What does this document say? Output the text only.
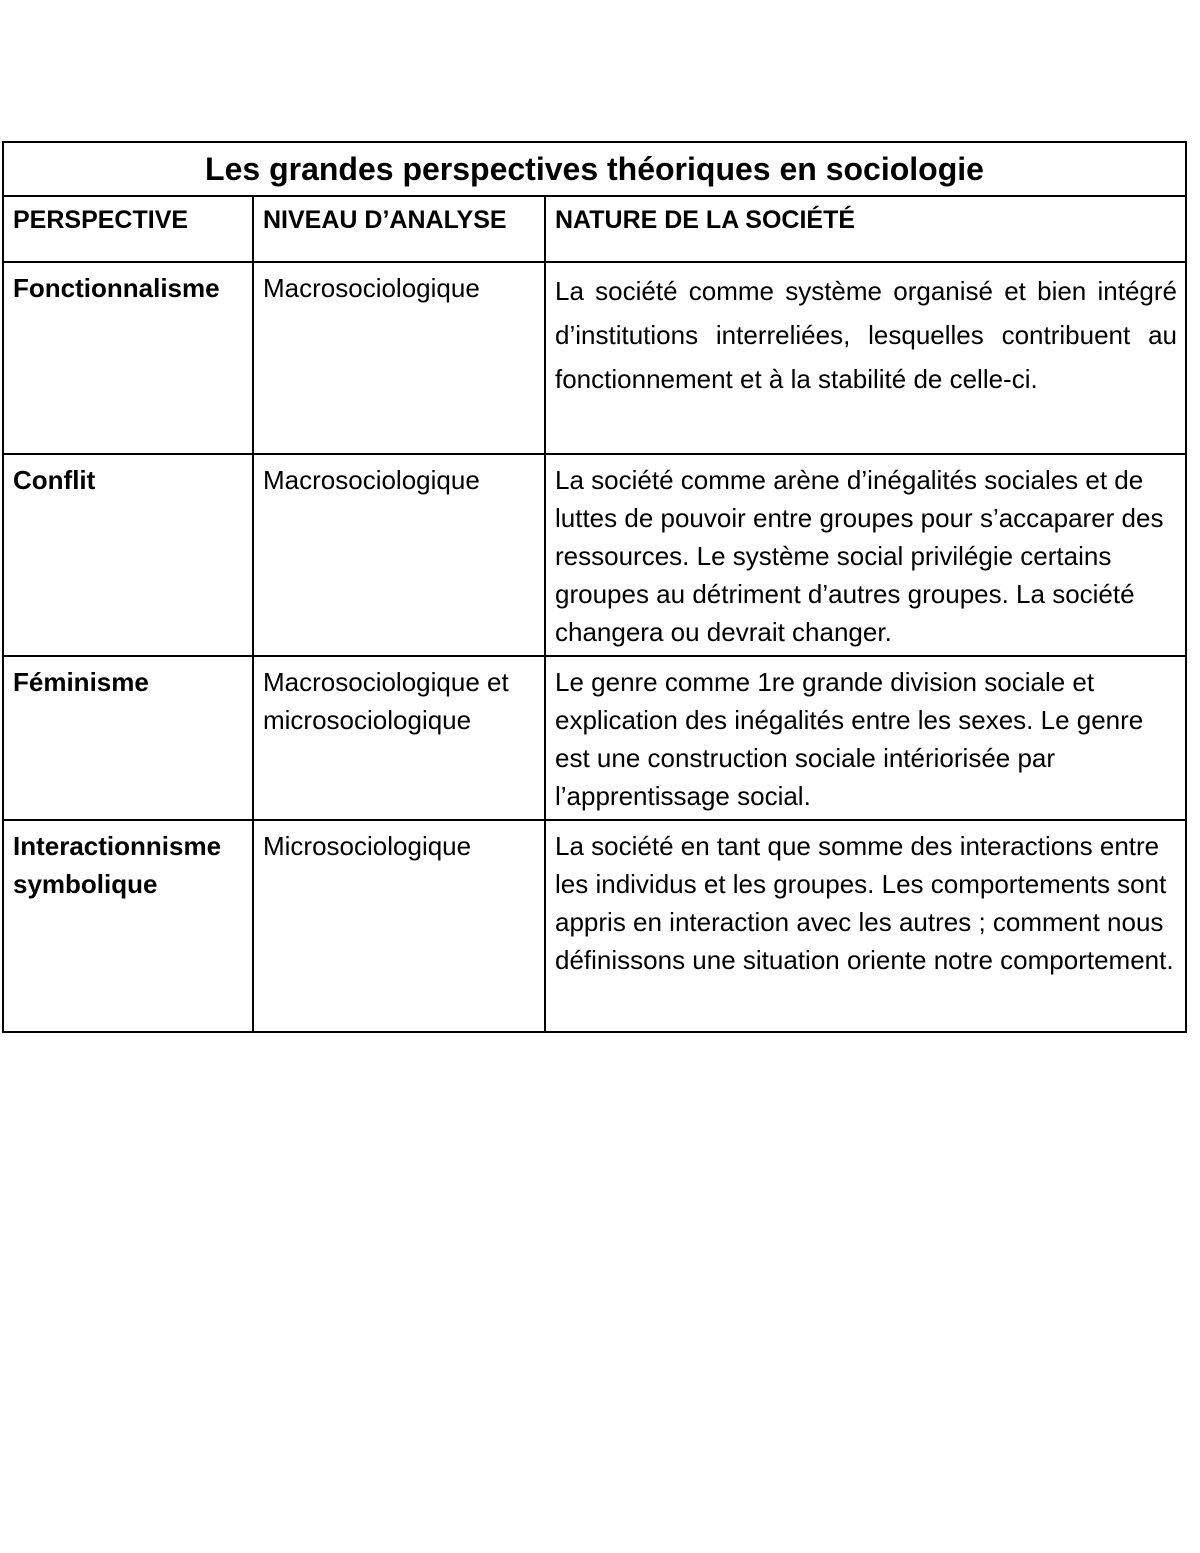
Les grandes perspectives théoriques en sociologie		
PERSPECTIVE	NIVEAU D’ANALYSE	NATURE DE LA SOCIÉTÉ
Fonctionnalisme	Macrosociologique	La société comme système organisé et bien intégré d’institutions interreliées, lesquelles contribuent au fonctionnement et à la stabilité de celle-ci.
Conflit	Macrosociologique	La société comme arène d’inégalités sociales et de luttes de pouvoir entre groupes pour s’accaparer des ressources. Le système social privilégie certains groupes au détriment d’autres groupes. La société changera ou devrait changer.
Féminisme	Macrosociologique et microsociologique	Le genre comme 1re grande division sociale et explication des inégalités entre les sexes. Le genre est une construction sociale intériorisée par l’apprentissage social.
Interactionnisme symbolique	Microsociologique	La société en tant que somme des interactions entre les individus et les groupes. Les comportements sont appris en interaction avec les autres ; comment nous définissons une situation oriente notre comportement.
